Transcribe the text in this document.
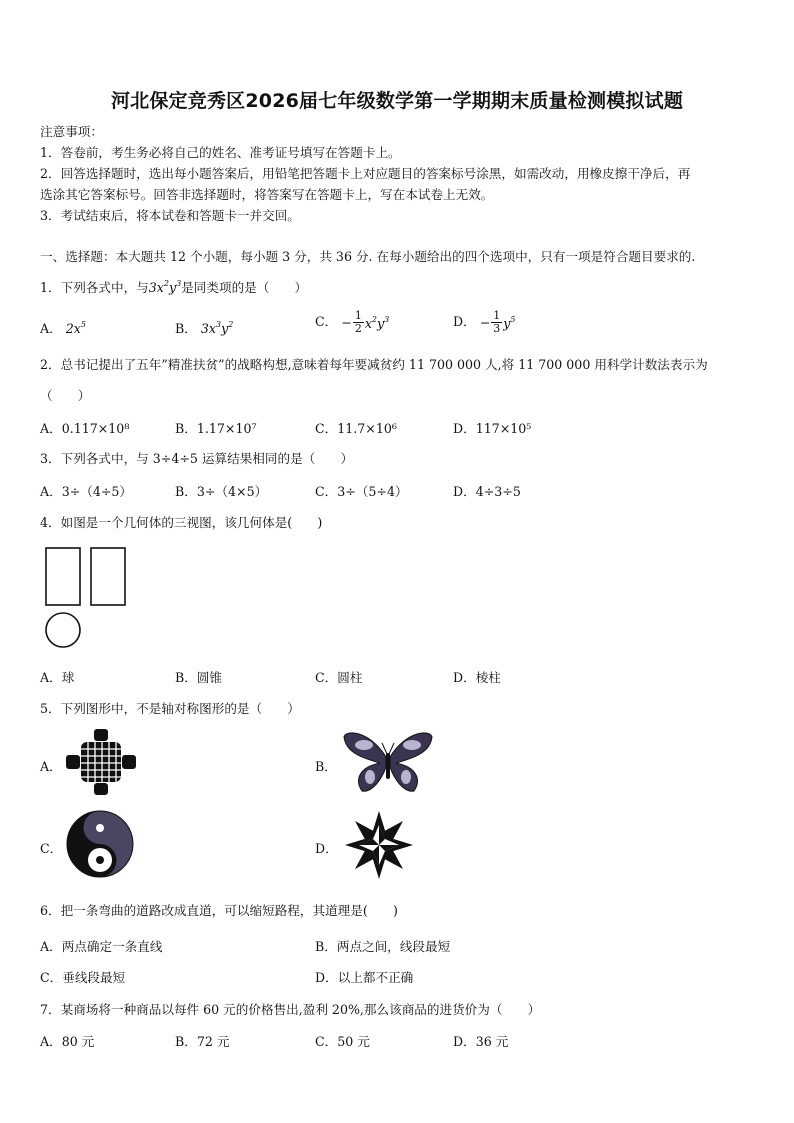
河北保定竞秀区2026届七年级数学第一学期期末质量检测模拟试题
注意事项：
1．答卷前，考生务必将自己的姓名、准考证号填写在答题卡上。
2．回答选择题时，选出每小题答案后，用铅笔把答题卡上对应题目的答案标号涂黑，如需改动，用橡皮擦干净后，再
选涂其它答案标号。回答非选择题时，将答案写在答题卡上，写在本试卷上无效。
3．考试结束后，将本试卷和答题卡一并交回。
一、选择题：本大题共 12 个小题，每小题 3 分，共 36 分. 在每小题给出的四个选项中，只有一项是符合题目要求的.
1．下列各式中，与$3x^2y^3$是同类项的是（　　）
A． $2x^5$	B． $3x^3y^2$	C． − $\frac{1}{2} x^2y^3$	D． − $\frac{1}{3} y^5$
2．总书记提出了五年”精准扶贫”的战略构想,意味着每年要减贫约 11 700 000 人,将 11 700 000 用科学计数法表示为
（　　）
A．0.117×10⁸	B．1.17×10⁷	C．11.7×10⁶	D．117×10⁵
3．下列各式中，与 3÷4÷5 运算结果相同的是（　　）
A．3÷（4÷5）	B．3÷（4×5）	C．3÷（5÷4）	D．4÷3÷5
4．如图是一个几何体的三视图，该几何体是(　　)
A．球	B．圆锥	C．圆柱	D．棱柱
5．下列图形中，不是轴对称图形的是（　　）
A．	B．
C．	D．
6．把一条弯曲的道路改成直道，可以缩短路程，其道理是(　　)
A．两点确定一条直线	B．两点之间，线段最短
C．垂线段最短	D．以上都不正确
7．某商场将一种商品以每件 60 元的价格售出,盈利 20%,那么该商品的进货价为（　　）
A．80 元	B．72 元	C．50 元	D．36 元
